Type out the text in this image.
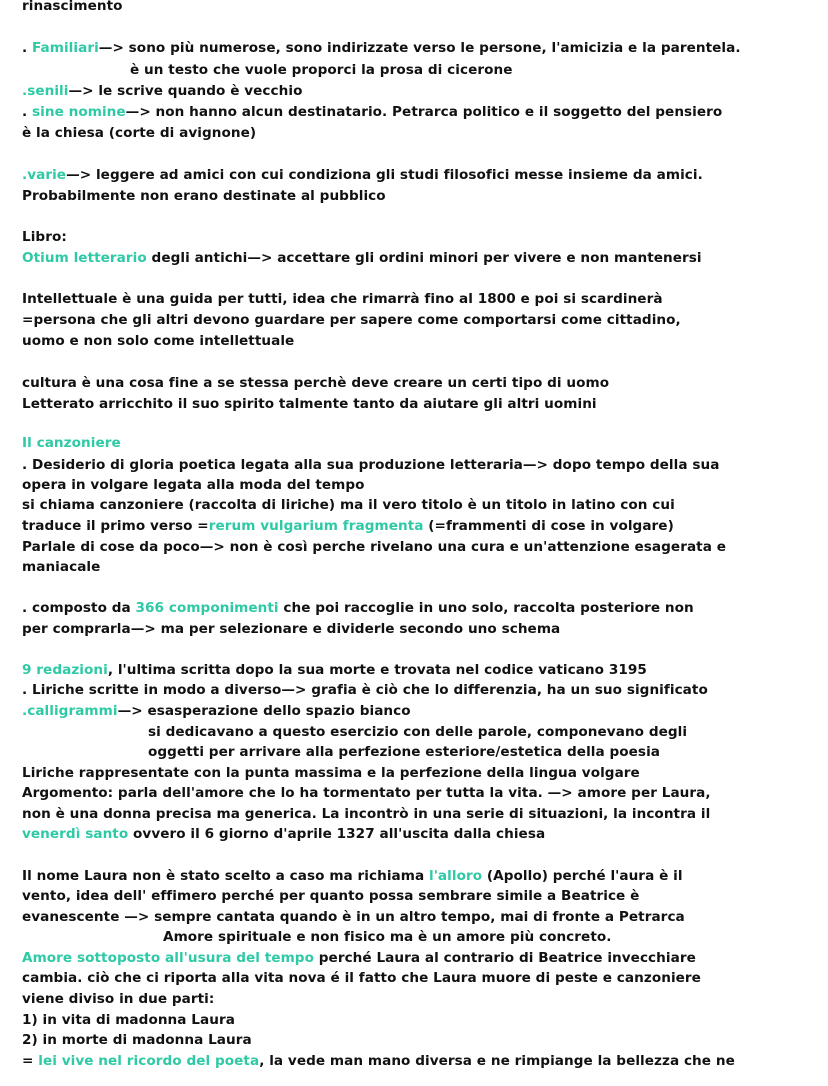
rinascimento
. Familiari—> sono più numerose, sono indirizzate verso le persone, l'amicizia e la parentela.
è un testo che vuole proporci la prosa di cicerone
.senili—> le scrive quando è vecchio
. sine nomine—> non hanno alcun destinatario. Petrarca politico e il soggetto del pensiero
è la chiesa (corte di avignone)
.varie—> leggere ad amici con cui condiziona gli studi filosofici messe insieme da amici.
Probabilmente non erano destinate al pubblico
Libro:
Otium letterario degli antichi—> accettare gli ordini minori per vivere e non mantenersi
Intellettuale è una guida per tutti, idea che rimarrà fino al 1800 e poi si scardinerà
=persona che gli altri devono guardare per sapere come comportarsi come cittadino,
uomo e non solo come intellettuale
cultura è una cosa fine a se stessa perchè deve creare un certi tipo di uomo
Letterato arricchito il suo spirito talmente tanto da aiutare gli altri uomini
Il canzoniere
. Desiderio di gloria poetica legata alla sua produzione letteraria—> dopo tempo della sua
opera in volgare legata alla moda del tempo
si chiama canzoniere (raccolta di liriche) ma il vero titolo è un titolo in latino con cui
traduce il primo verso =rerum vulgarium fragmenta (=frammenti di cose in volgare)
Parlale di cose da poco—> non è così perche rivelano una cura e un'attenzione esagerata e
maniacale
. composto da 366 componimenti che poi raccoglie in uno solo, raccolta posteriore non
per comprarla—> ma per selezionare e dividerle secondo uno schema
9 redazioni, l'ultima scritta dopo la sua morte e trovata nel codice vaticano 3195
. Liriche scritte in modo a diverso—> grafia è ciò che lo differenzia, ha un suo significato
.calligrammi—> esasperazione dello spazio bianco
si dedicavano a questo esercizio con delle parole, componevano degli
oggetti per arrivare alla perfezione esteriore/estetica della poesia
Liriche rappresentate con la punta massima e la perfezione della lingua volgare
Argomento: parla dell'amore che lo ha tormentato per tutta la vita. —> amore per Laura,
non è una donna precisa ma generica. La incontrò in una serie di situazioni, la incontra il
venerdì santo ovvero il 6 giorno d'aprile 1327 all'uscita dalla chiesa
Il nome Laura non è stato scelto a caso ma richiama l'alloro (Apollo) perché l'aura è il
vento, idea dell' effimero perché per quanto possa sembrare simile a Beatrice è
evanescente —> sempre cantata quando è in un altro tempo, mai di fronte a Petrarca
Amore spirituale e non fisico ma è un amore più concreto.
Amore sottoposto all'usura del tempo perché Laura al contrario di Beatrice invecchiare
cambia. ciò che ci riporta alla vita nova é il fatto che Laura muore di peste e canzoniere
viene diviso in due parti:
1) in vita di madonna Laura
2) in morte di madonna Laura
= lei vive nel ricordo del poeta, la vede man mano diversa e ne rimpiange la bellezza che ne
